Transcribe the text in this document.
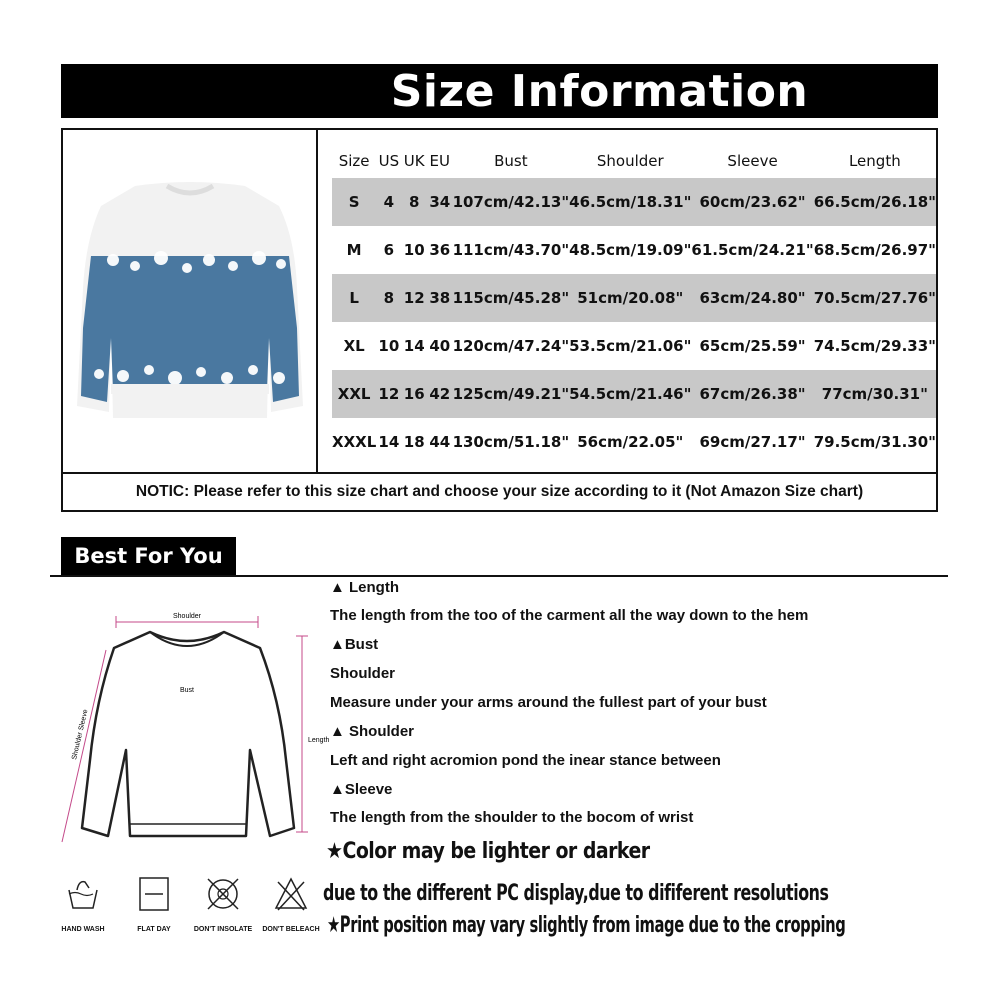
Size Information
Size	US	UK	EU	Bust	Shoulder	Sleeve	Length
S	4	8	34	107cm/42.13"	46.5cm/18.31"	60cm/23.62"	66.5cm/26.18"
M	6	10	36	111cm/43.70"	48.5cm/19.09"	61.5cm/24.21"	68.5cm/26.97"
L	8	12	38	115cm/45.28"	51cm/20.08"	63cm/24.80"	70.5cm/27.76"
XL	10	14	40	120cm/47.24"	53.5cm/21.06"	65cm/25.59"	74.5cm/29.33"
XXL	12	16	42	125cm/49.21"	54.5cm/21.46"	67cm/26.38"	77cm/30.31"
XXXL	14	18	44	130cm/51.18"	56cm/22.05"	69cm/27.17"	79.5cm/31.30"
NOTIC: Please refer to this size chart and choose your size according to it (Not Amazon Size chart)
Best For You
Shoulder
Bust
Length
Shoulder Sleeve
HAND WASH	FLAT DAY	DON'T INSOLATE	DON'T BELEACH
▲ Length
The length from the too of the carment all the way down to the hem
▲Bust
Shoulder
Measure under your arms around the fullest part of your bust
▲ Shoulder
Left and right acromion pond the inear stance between
▲Sleeve
The length from the shoulder to the bocom of wrist
★Color may be lighter or darker
due to the different PC display,due to dififerent resolutions
★Print position may vary slightly from image due to the cropping
